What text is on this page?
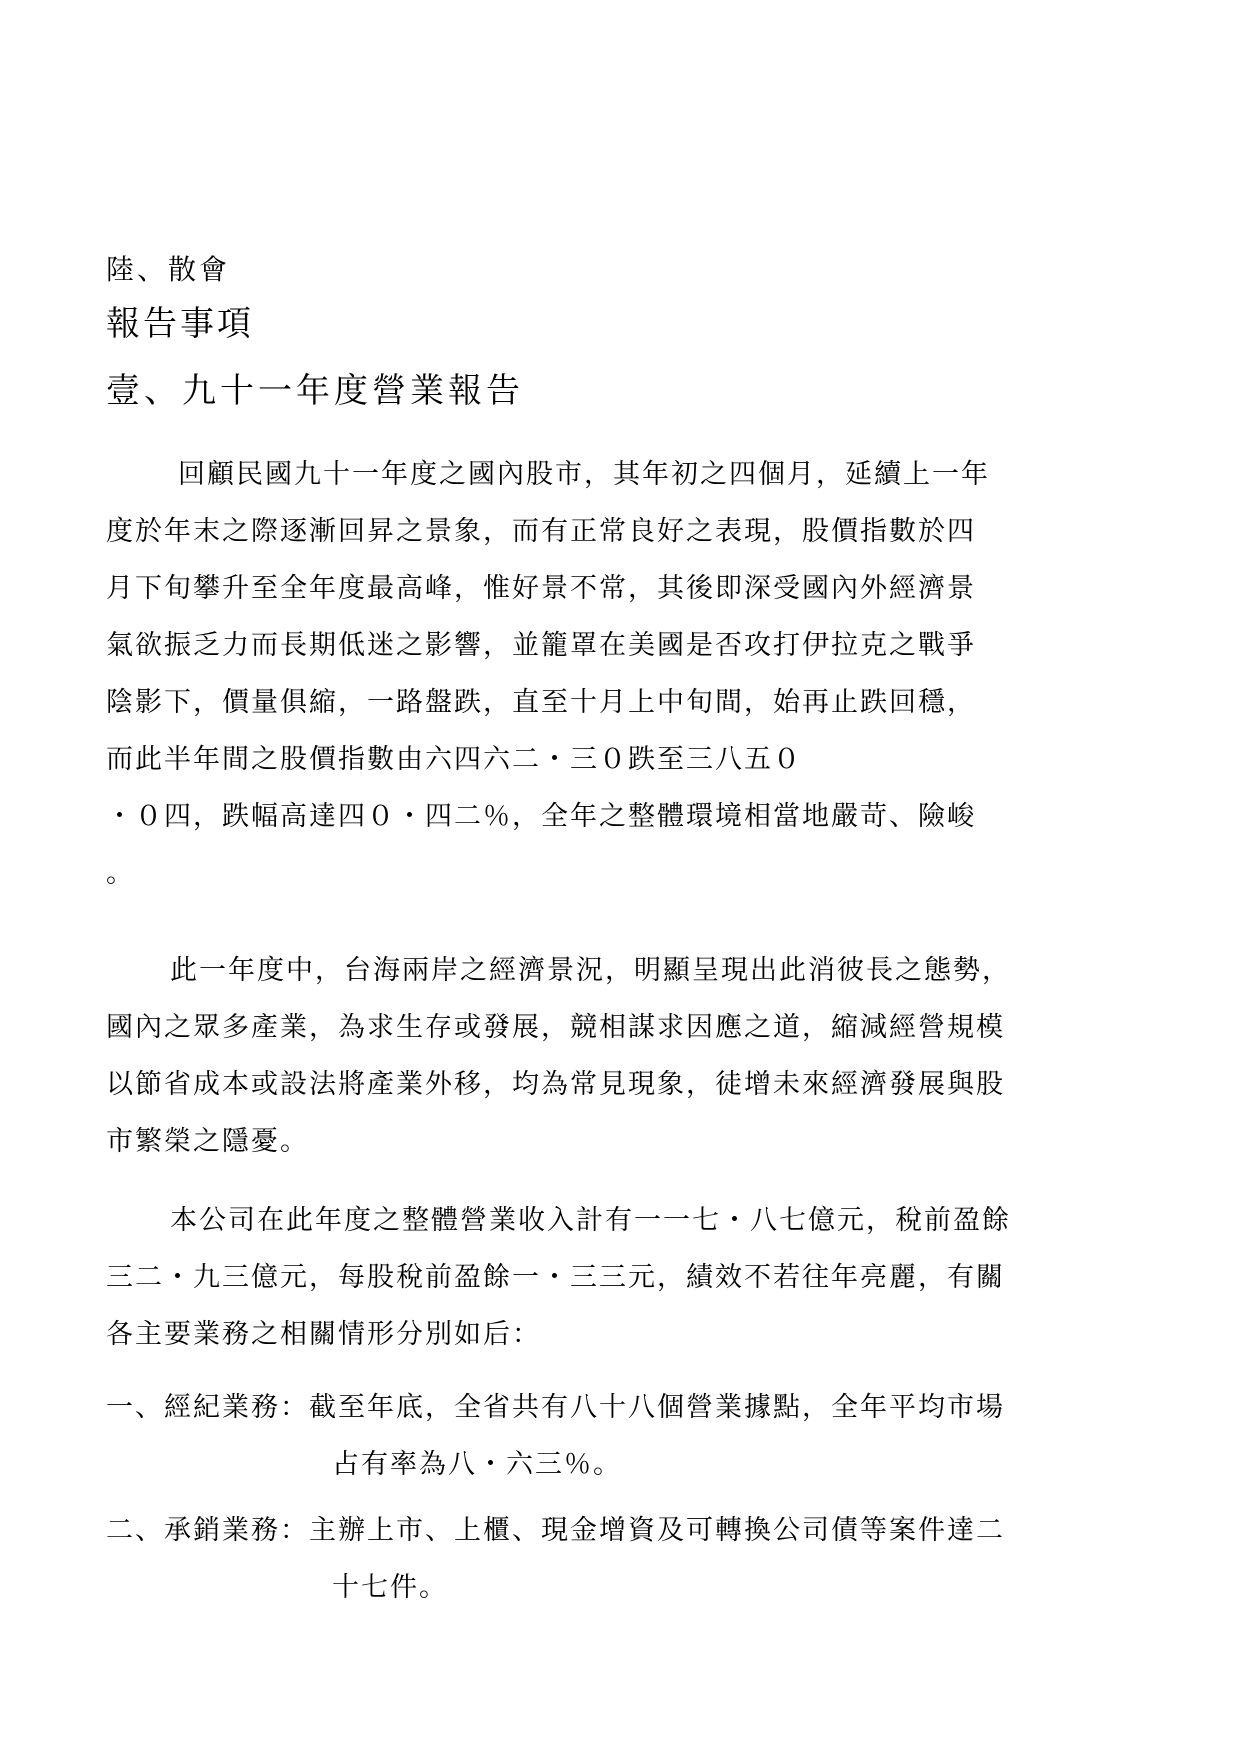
陸、散會
報告事項
壹、九十一年度營業報告
回顧民國九十一年度之國內股市，其年初之四個月，延續上一年
度於年末之際逐漸回昇之景象，而有正常良好之表現，股價指數於四
月下旬攀升至全年度最高峰，惟好景不常，其後即深受國內外經濟景
氣欲振乏力而長期低迷之影響，並籠罩在美國是否攻打伊拉克之戰爭
陰影下，價量俱縮，一路盤跌，直至十月上中旬間，始再止跌回穩，
而此半年間之股價指數由六四六二・三０跌至三八五０
・０四，跌幅高達四０・四二％，全年之整體環境相當地嚴苛、險峻
。
此一年度中，台海兩岸之經濟景況，明顯呈現出此消彼長之態勢，
國內之眾多產業，為求生存或發展，競相謀求因應之道，縮減經營規模
以節省成本或設法將產業外移，均為常見現象，徒增未來經濟發展與股
市繁榮之隱憂。
本公司在此年度之整體營業收入計有一一七・八七億元，稅前盈餘
三二・九三億元，每股稅前盈餘一・三三元，績效不若往年亮麗，有關
各主要業務之相關情形分別如后：
一、經紀業務：截至年底，全省共有八十八個營業據點，全年平均市場
占有率為八・六三％。
二、承銷業務：主辦上市、上櫃、現金增資及可轉換公司債等案件達二
十七件。
